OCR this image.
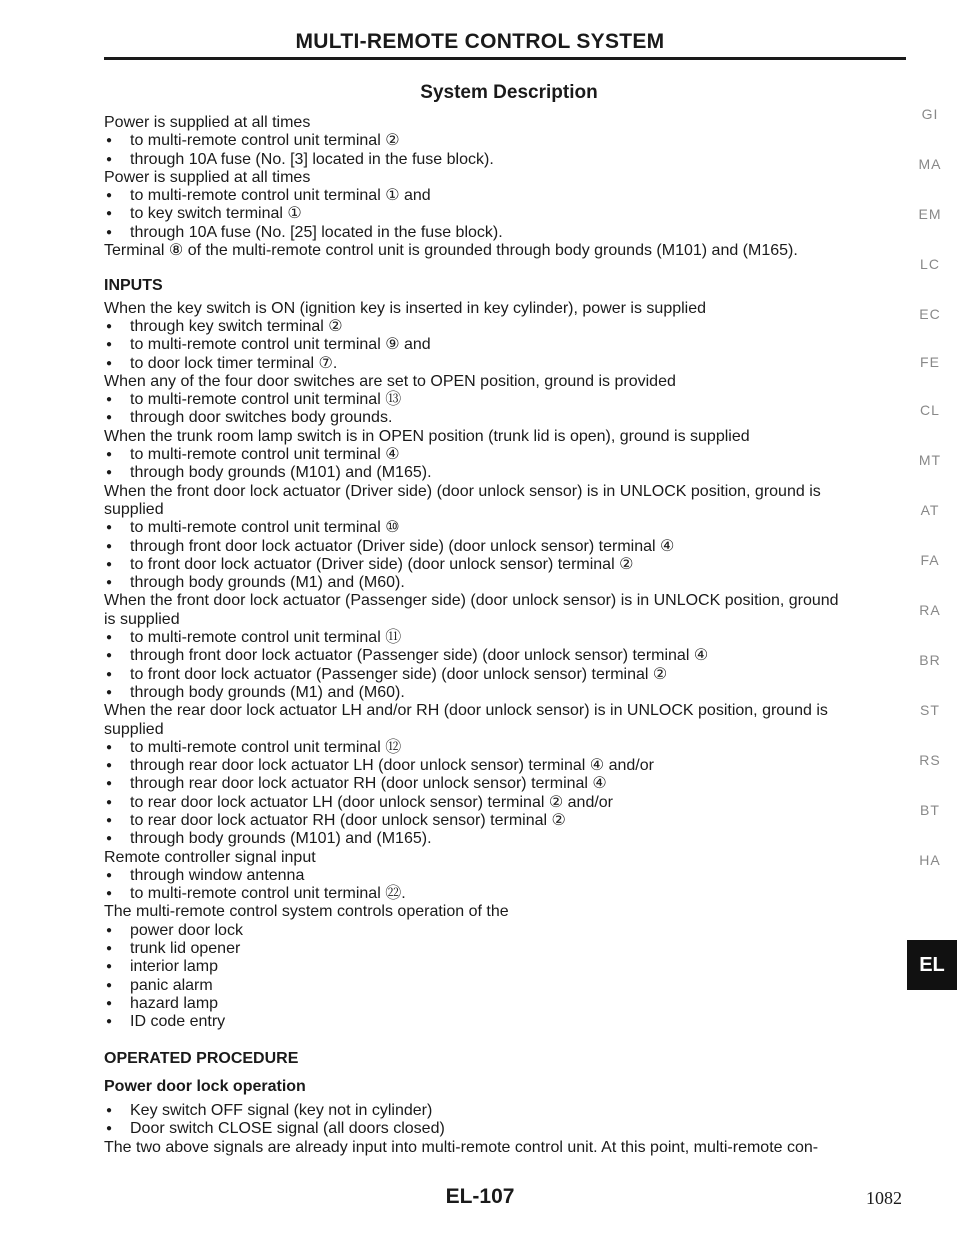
MULTI-REMOTE CONTROL SYSTEM
System Description
Power is supplied at all times
● to multi-remote control unit terminal ②
● through 10A fuse (No. [3] located in the fuse block).
Power is supplied at all times
● to multi-remote control unit terminal ① and
● to key switch terminal ①
● through 10A fuse (No. [25] located in the fuse block).
Terminal ⑧ of the multi-remote control unit is grounded through body grounds (M101) and (M165).
INPUTS
When the key switch is ON (ignition key is inserted in key cylinder), power is supplied
● through key switch terminal ②
● to multi-remote control unit terminal ⑨ and
● to door lock timer terminal ⑦.
When any of the four door switches are set to OPEN position, ground is provided
● to multi-remote control unit terminal ⑬
● through door switches body grounds.
When the trunk room lamp switch is in OPEN position (trunk lid is open), ground is supplied
● to multi-remote control unit terminal ④
● through body grounds (M101) and (M165).
When the front door lock actuator (Driver side) (door unlock sensor) is in UNLOCK position, ground is
supplied
● to multi-remote control unit terminal ⑩
● through front door lock actuator (Driver side) (door unlock sensor) terminal ④
● to front door lock actuator (Driver side) (door unlock sensor) terminal ②
● through body grounds (M1) and (M60).
When the front door lock actuator (Passenger side) (door unlock sensor) is in UNLOCK position, ground
is supplied
● to multi-remote control unit terminal ⑪
● through front door lock actuator (Passenger side) (door unlock sensor) terminal ④
● to front door lock actuator (Passenger side) (door unlock sensor) terminal ②
● through body grounds (M1) and (M60).
When the rear door lock actuator LH and/or RH (door unlock sensor) is in UNLOCK position, ground is
supplied
● to multi-remote control unit terminal ⑫
● through rear door lock actuator LH (door unlock sensor) terminal ④ and/or
● through rear door lock actuator RH (door unlock sensor) terminal ④
● to rear door lock actuator LH (door unlock sensor) terminal ② and/or
● to rear door lock actuator RH (door unlock sensor) terminal ②
● through body grounds (M101) and (M165).
Remote controller signal input
● through window antenna
● to multi-remote control unit terminal ㉒.
The multi-remote control system controls operation of the
● power door lock
● trunk lid opener
● interior lamp
● panic alarm
● hazard lamp
● ID code entry
OPERATED PROCEDURE
Power door lock operation
● Key switch OFF signal (key not in cylinder)
● Door switch CLOSE signal (all doors closed)
The two above signals are already input into multi-remote control unit. At this point, multi-remote con-
GI
MA
EM
LC
EC
FE
CL
MT
AT
FA
RA
BR
ST
RS
BT
HA
EL-107	1082
EL
